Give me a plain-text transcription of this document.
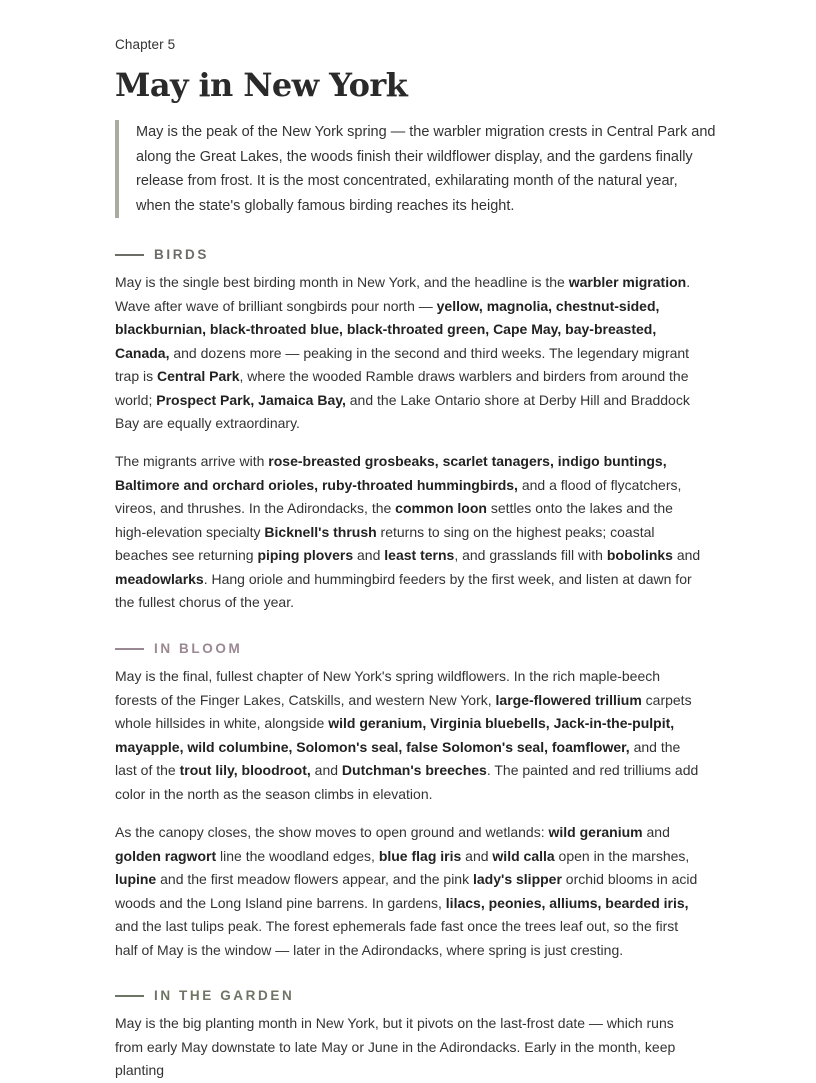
Chapter 5
May in New York
May is the peak of the New York spring — the warbler migration crests in Central Park and along the Great Lakes, the woods finish their wildflower display, and the gardens finally release from frost. It is the most concentrated, exhilarating month of the natural year, when the state's globally famous birding reaches its height.
BIRDS

May is the single best birding month in New York, and the headline is the warbler migration. Wave after wave of brilliant songbirds pour north — yellow, magnolia, chestnut-sided, blackburnian, black-throated blue, black-throated green, Cape May, bay-breasted, Canada, and dozens more — peaking in the second and third weeks. The legendary migrant trap is Central Park, where the wooded Ramble draws warblers and birders from around the world; Prospect Park, Jamaica Bay, and the Lake Ontario shore at Derby Hill and Braddock Bay are equally extraordinary.

The migrants arrive with rose-breasted grosbeaks, scarlet tanagers, indigo buntings, Baltimore and orchard orioles, ruby-throated hummingbirds, and a flood of flycatchers, vireos, and thrushes. In the Adirondacks, the common loon settles onto the lakes and the high-elevation specialty Bicknell's thrush returns to sing on the highest peaks; coastal beaches see returning piping plovers and least terns, and grasslands fill with bobolinks and meadowlarks. Hang oriole and hummingbird feeders by the first week, and listen at dawn for the fullest chorus of the year.

IN BLOOM

May is the final, fullest chapter of New York's spring wildflowers. In the rich maple-beech forests of the Finger Lakes, Catskills, and western New York, large-flowered trillium carpets whole hillsides in white, alongside wild geranium, Virginia bluebells, Jack-in-the-pulpit, mayapple, wild columbine, Solomon's seal, false Solomon's seal, foamflower, and the last of the trout lily, bloodroot, and Dutchman's breeches. The painted and red trilliums add color in the north as the season climbs in elevation.

As the canopy closes, the show moves to open ground and wetlands: wild geranium and golden ragwort line the woodland edges, blue flag iris and wild calla open in the marshes, lupine and the first meadow flowers appear, and the pink lady's slipper orchid blooms in acid woods and the Long Island pine barrens. In gardens, lilacs, peonies, alliums, bearded iris, and the last tulips peak. The forest ephemerals fade fast once the trees leaf out, so the first half of May is the window — later in the Adirondacks, where spring is just cresting.

IN THE GARDEN

May is the big planting month in New York, but it pivots on the last-frost date — which runs from early May downstate to late May or June in the Adirondacks. Early in the month, keep planting
